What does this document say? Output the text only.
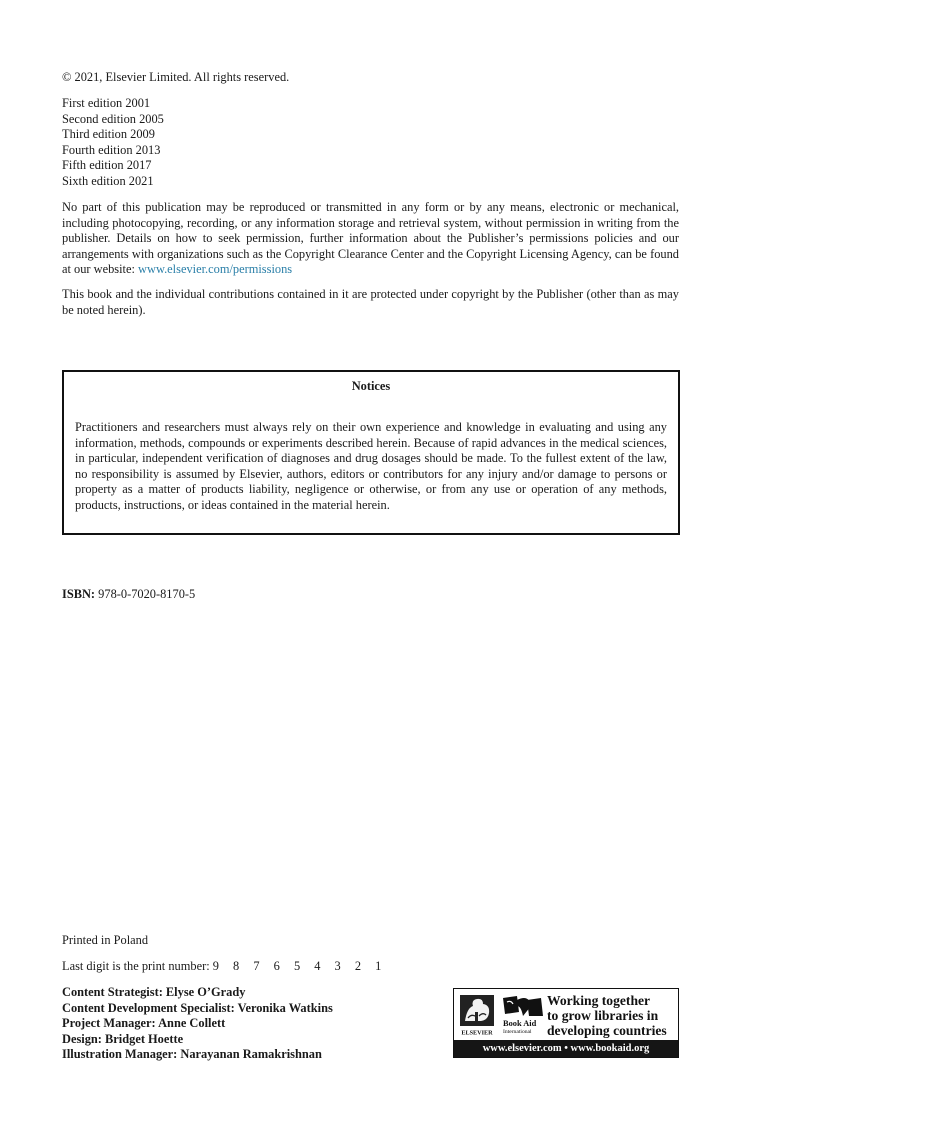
© 2021, Elsevier Limited. All rights reserved.
First edition 2001
Second edition 2005
Third edition 2009
Fourth edition 2013
Fifth edition 2017
Sixth edition 2021
No part of this publication may be reproduced or transmitted in any form or by any means, electronic or mechanical, including photocopying, recording, or any information storage and retrieval system, without permission in writing from the publisher. Details on how to seek permission, further information about the Publisher’s permissions policies and our arrangements with organizations such as the Copyright Clearance Center and the Copyright Licensing Agency, can be found at our website: www.elsevier.com/permissions
This book and the individual contributions contained in it are protected under copyright by the Publisher (other than as may be noted herein).
Notices
Practitioners and researchers must always rely on their own experience and knowledge in evaluating and using any information, methods, compounds or experiments described herein. Because of rapid advances in the medical sciences, in particular, independent verification of diagnoses and drug dosages should be made. To the fullest extent of the law, no responsibility is assumed by Elsevier, authors, editors or contributors for any injury and/or damage to persons or property as a matter of products liability, negligence or otherwise, or from any use or operation of any methods, products, instructions, or ideas contained in the material herein.
ISBN: 978-0-7020-8170-5
Printed in Poland
Last digit is the print number: 9 8 7 6 5 4 3 2 1
Content Strategist: Elyse O’Grady
Content Development Specialist: Veronika Watkins
Project Manager: Anne Collett
Design: Bridget Hoette
Illustration Manager: Narayanan Ramakrishnan
ELSEVIER
Book Aid
International
Working together
to grow libraries in
developing countries
www.elsevier.com • www.bookaid.org
